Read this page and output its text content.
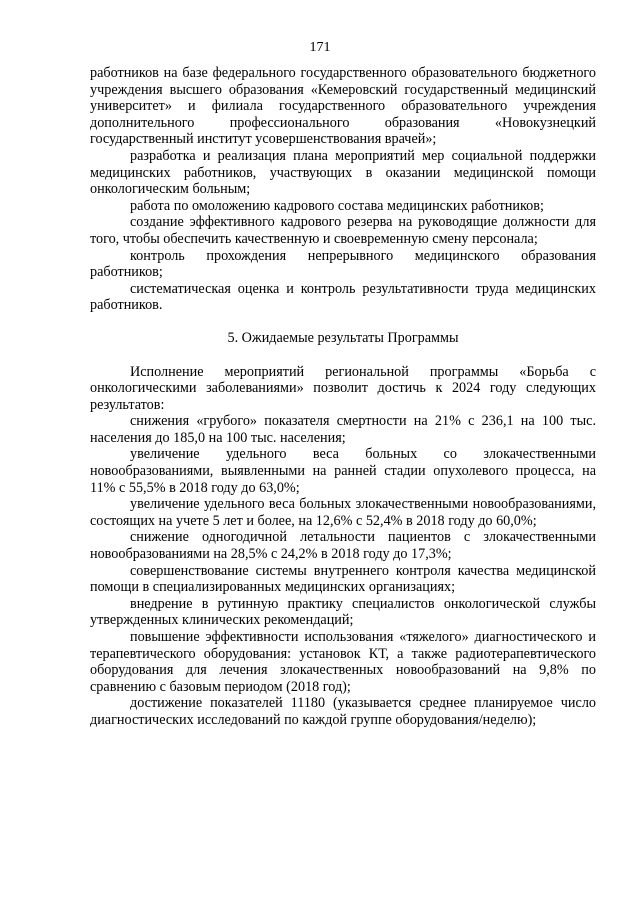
171

работников на базе федерального государственного образовательного бюджетного учреждения высшего образования «Кемеровский государственный медицинский университет» и филиала государственного образовательного учреждения дополнительного профессионального образования «Новокузнецкий государственный институт усовершенствования врачей»;

разработка и реализация плана мероприятий мер социальной поддержки медицинских работников, участвующих в оказании медицинской помощи онкологическим больным;

работа по омоложению кадрового состава медицинских работников;

создание эффективного кадрового резерва на руководящие должности для того, чтобы обеспечить качественную и своевременную смену персонала;

контроль прохождения непрерывного медицинского образования работников;

систематическая оценка и контроль результативности труда медицинских работников.

5. Ожидаемые результаты Программы

Исполнение мероприятий региональной программы «Борьба с онкологическими заболеваниями» позволит достичь к 2024 году следующих результатов:

снижения «грубого» показателя смертности на 21% с 236,1 на 100 тыс. населения до 185,0 на 100 тыс. населения;

увеличение удельного веса больных со злокачественными новообразованиями, выявленными на ранней стадии опухолевого процесса, на 11% с 55,5% в 2018 году до 63,0%;

увеличение удельного веса больных злокачественными новообразованиями, состоящих на учете 5 лет и более, на 12,6% с 52,4% в 2018 году до 60,0%;

снижение одногодичной летальности пациентов с злокачественными новообразованиями на 28,5% с 24,2% в 2018 году до 17,3%;

совершенствование системы внутреннего контроля качества медицинской помощи в специализированных медицинских организациях;

внедрение в рутинную практику специалистов онкологической службы утвержденных клинических рекомендаций;

повышение эффективности использования «тяжелого» диагностического и терапевтического оборудования: установок КТ, а также радиотерапевтического оборудования для лечения злокачественных новообразований на 9,8% по сравнению с базовым периодом (2018 год);

достижение показателей 11180 (указывается среднее планируемое число диагностических исследований по каждой группе оборудования/неделю);
